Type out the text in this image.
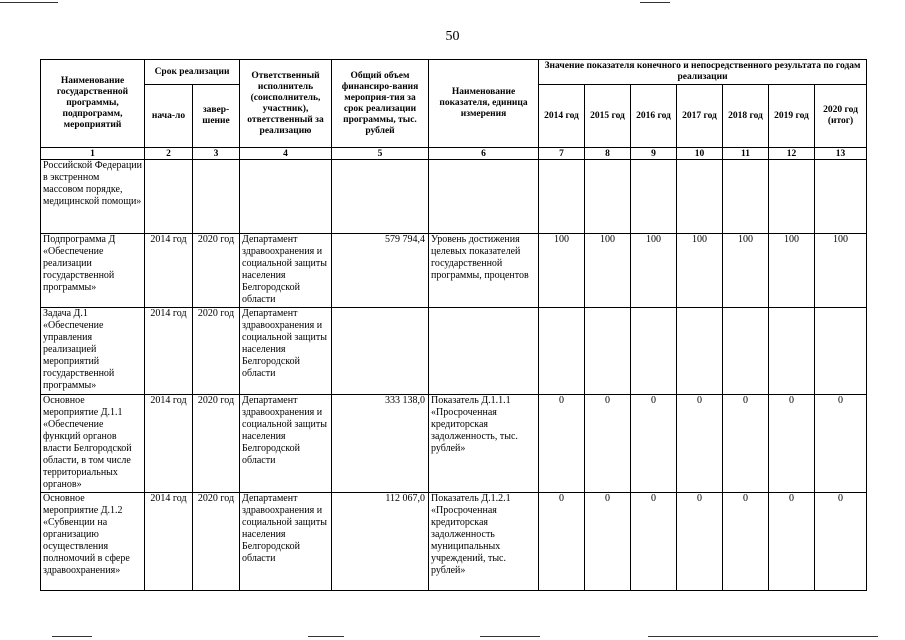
50
Наименование государственной программы, подпрограмм, мероприятий	Срок реализации		Ответственный исполнитель (соисполнитель, участник), ответственный за реализацию	Общий объем финансиро-вания мероприя-тия за срок реализации программы, тыс. рублей	Наименование показателя, единица измерения	Значение показателя конечного и непосредственного результата по годам реализации						
	нача-ло	завер-шение				2014 год	2015 год	2016 год	2017 год	2018 год	2019 год	2020 год (итог)
1	2	3	4	5	6	7	8	9	10	11	12	13
Российской Федерации в экстренном массовом порядке, медицинской помощи»												
Подпрограмма Д «Обеспечение реализации государственной программы»	2014 год	2020 год	Департамент здравоохранения и социальной защиты населения Белгородской области	579 794,4	Уровень достижения целевых показателей государственной программы, процентов	100	100	100	100	100	100	100
Задача Д.1 «Обеспечение управления реализацией мероприятий государственной программы»	2014 год	2020 год	Департамент здравоохранения и социальной защиты населения Белгородской области									
Основное мероприятие Д.1.1 «Обеспечение функций органов власти Белгородской области, в том числе территориальных органов»	2014 год	2020 год	Департамент здравоохранения и социальной защиты населения Белгородской области	333 138,0	Показатель Д.1.1.1 «Просроченная кредиторская задолженность, тыс. рублей»	0	0	0	0	0	0	0
Основное мероприятие Д.1.2 «Субвенции на организацию осуществления полномочий в сфере здравоохранения»	2014 год	2020 год	Департамент здравоохранения и социальной защиты населения Белгородской области	112 067,0	Показатель Д.1.2.1 «Просроченная кредиторская задолженность муниципальных учреждений, тыс. рублей»	0	0	0	0	0	0	0
